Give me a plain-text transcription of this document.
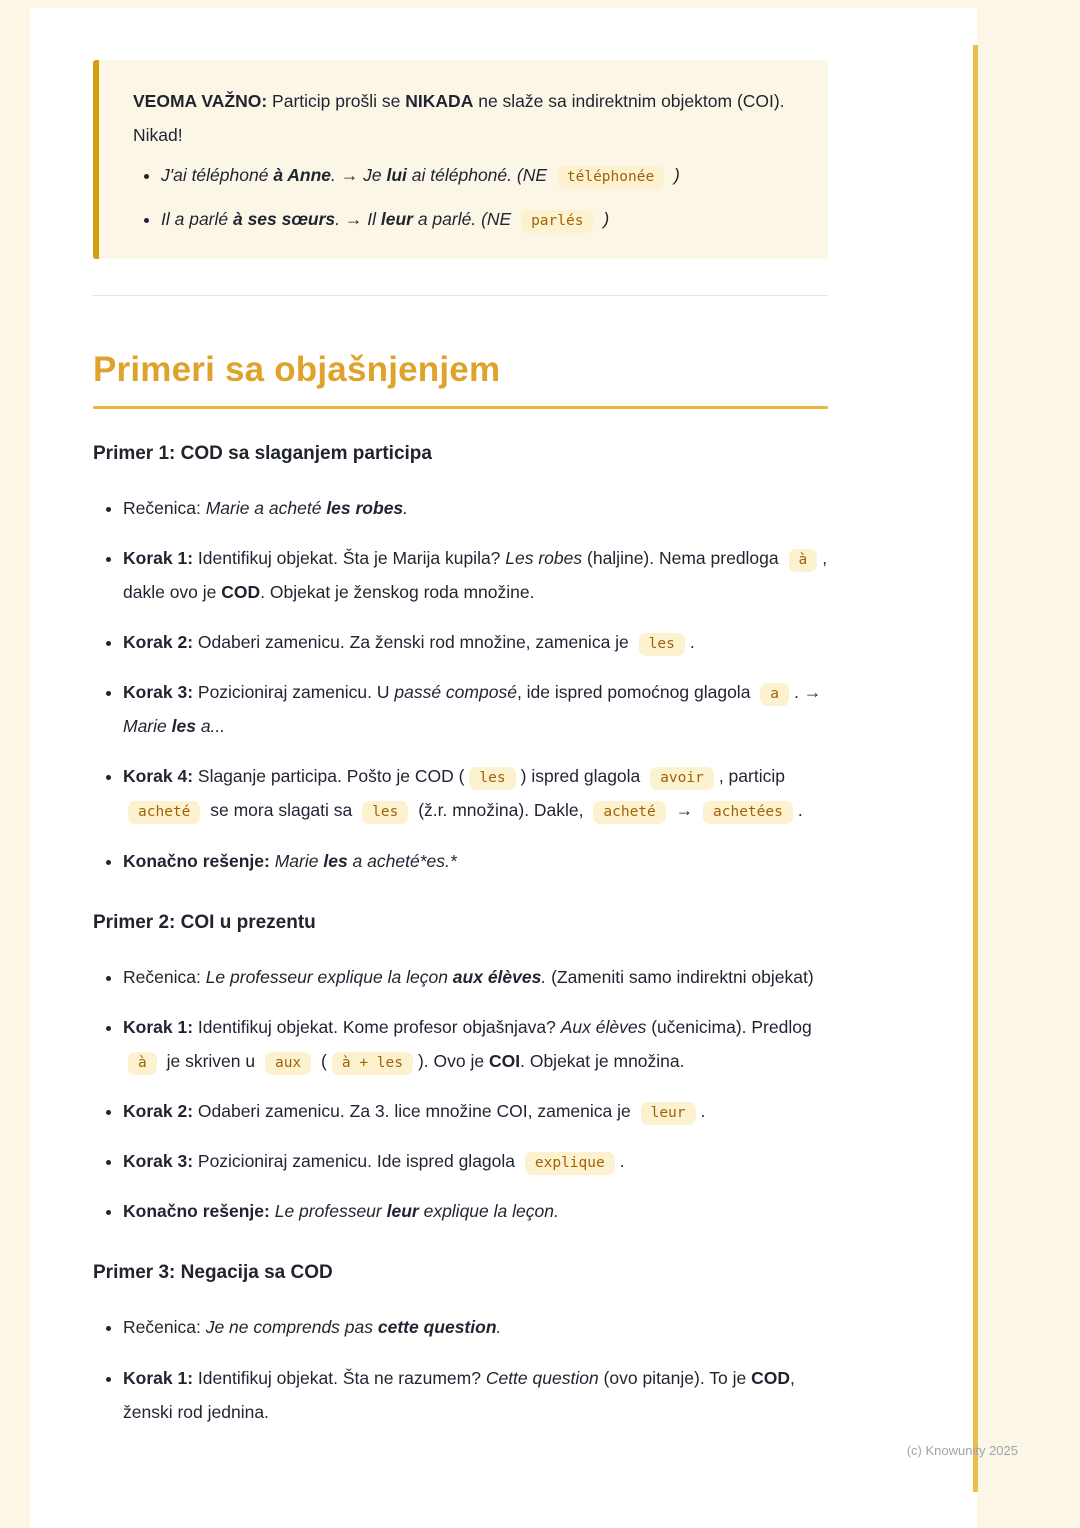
VEOMA VAŽNO: Particip prošli se NIKADA ne slaže sa indirektnim objektom (COI). Nikad!

• J'ai téléphoné à Anne. → Je lui ai téléphoné. (NE téléphonée )
• Il a parlé à ses sœurs. → Il leur a parlé. (NE parlés )
Primeri sa objašnjenjem
Primer 1: COD sa slaganjem participa
• Rečenica: Marie a acheté les robes.
• Korak 1: Identifikuj objekat. Šta je Marija kupila? Les robes (haljine). Nema predloga à , dakle ovo je COD. Objekat je ženskog roda množine.
• Korak 2: Odaberi zamenicu. Za ženski rod množine, zamenica je les .
• Korak 3: Pozicioniraj zamenicu. U passé composé, ide ispred pomoćnog glagola a . → Marie les a...
• Korak 4: Slaganje participa. Pošto je COD ( les ) ispred glagola avoir , particip acheté se mora slagati sa les (ž.r. množina). Dakle, acheté → achetées .
• Konačno rešenje: Marie les a acheté*es.*
Primer 2: COI u prezentu
• Rečenica: Le professeur explique la leçon aux élèves. (Zameniti samo indirektni objekat)
• Korak 1: Identifikuj objekat. Kome profesor objašnjava? Aux élèves (učenicima). Predlog à je skriven u aux ( à + les ). Ovo je COI. Objekat je množina.
• Korak 2: Odaberi zamenicu. Za 3. lice množine COI, zamenica je leur .
• Korak 3: Pozicioniraj zamenicu. Ide ispred glagola explique .
• Konačno rešenje: Le professeur leur explique la leçon.
Primer 3: Negacija sa COD
• Rečenica: Je ne comprends pas cette question.
• Korak 1: Identifikuj objekat. Šta ne razumem? Cette question (ovo pitanje). To je COD, ženski rod jednina.
(c) Knowunity 2025
